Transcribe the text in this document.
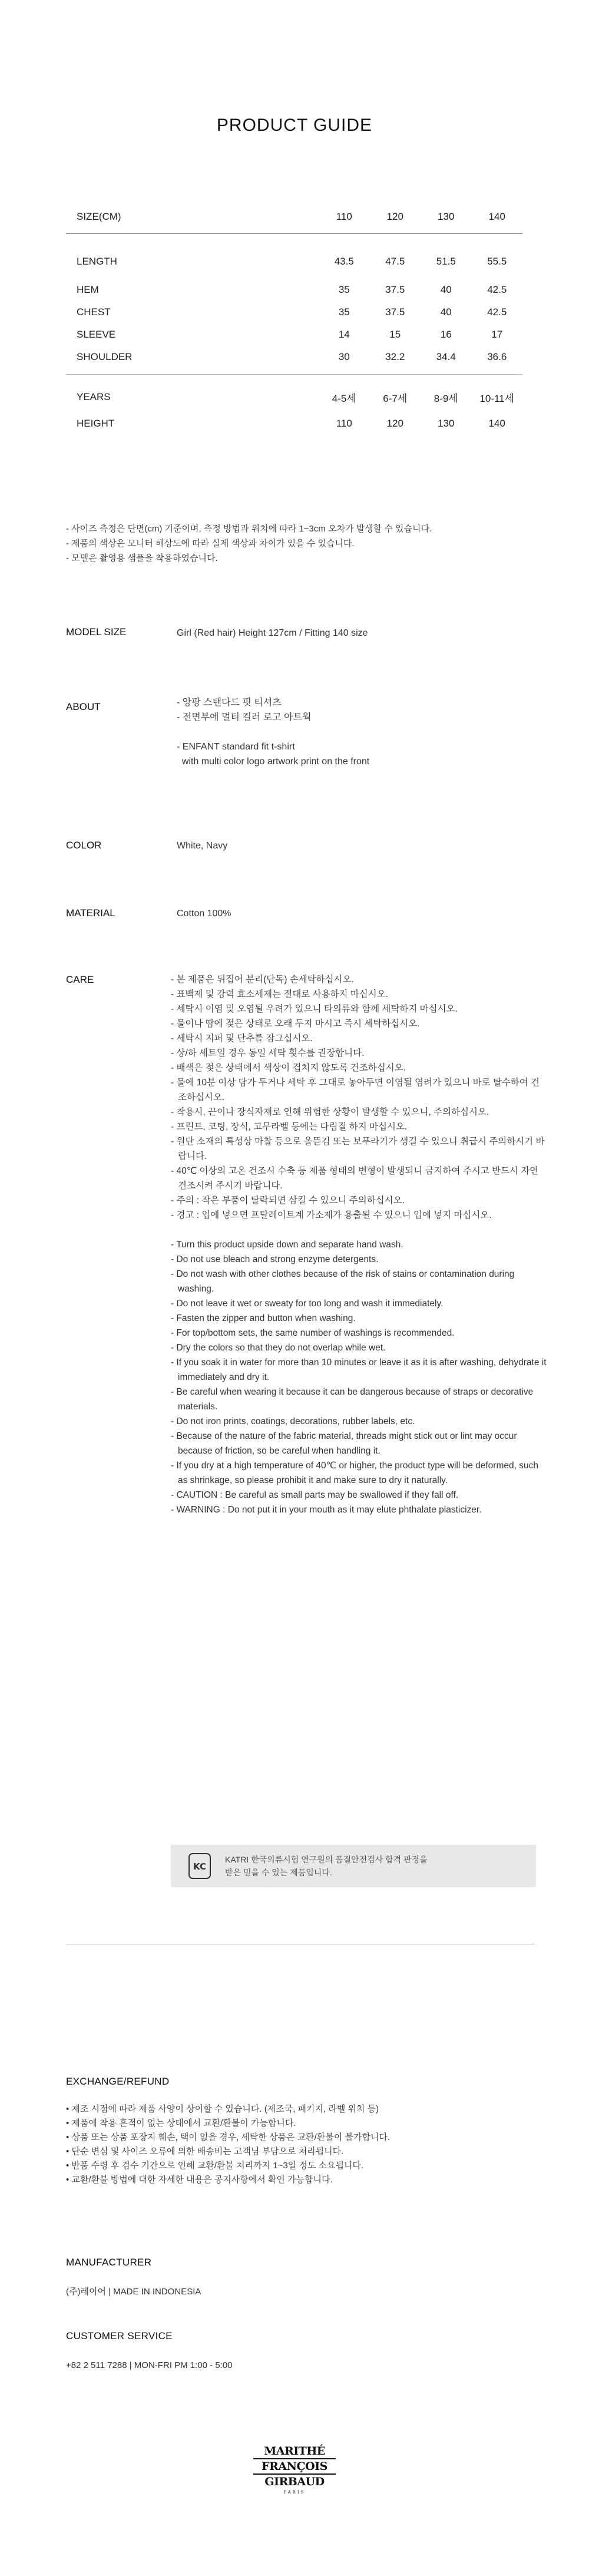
PRODUCT GUIDE
SIZE(CM)	110	120	130	140
LENGTH	43.5	47.5	51.5	55.5
HEM	35	37.5	40	42.5
CHEST	35	37.5	40	42.5
SLEEVE	14	15	16	17
SHOULDER	30	32.2	34.4	36.6
YEARS	4-5세	6-7세	8-9세	10-11세
HEIGHT	110	120	130	140
- 사이즈 측정은 단면(cm) 기준이며, 측정 방법과 위치에 따라 1~3cm 오차가 발생할 수 있습니다.
- 제품의 색상은 모니터 해상도에 따라 실제 색상과 차이가 있을 수 있습니다.
- 모델은 촬영용 샘플을 착용하였습니다.
MODEL SIZE	Girl (Red hair) Height 127cm / Fitting 140 size
ABOUT	- 앙팡 스탠다드 핏 티셔츠
- 전면부에 멀티 컬러 로고 아트웍
- ENFANT standard fit t-shirt
with multi color logo artwork print on the front
COLOR	White, Navy
MATERIAL	Cotton 100%
CARE	- 본 제품은 뒤집어 분리(단독) 손세탁하십시오.
- 표백제 및 강력 효소세제는 절대로 사용하지 마십시오.
- 세탁시 이염 및 오염될 우려가 있으니 타의류와 함께 세탁하지 마십시오.
- 물이나 땀에 젖은 상태로 오래 두지 마시고 즉시 세탁하십시오.
- 세탁시 지퍼 및 단추를 잠그십시오.
- 상/하 세트일 경우 동일 세탁 횟수를 권장합니다.
- 배색은 젖은 상태에서 색상이 겹치지 않도록 건조하십시오.
- 물에 10분 이상 담가 두거나 세탁 후 그대로 놓아두면 이염될 염려가 있으니 바로 탈수하여 건조하십시오.
- 착용시, 끈이나 장식자재로 인해 위험한 상황이 발생할 수 있으니, 주의하십시오.
- 프린트, 코팅, 장식, 고무라벨 등에는 다림질 하지 마십시오.
- 원단 소재의 특성상 마찰 등으로 올뜯김 또는 보푸라기가 생길 수 있으니 취급시 주의하시기 바랍니다.
- 40℃ 이상의 고온 건조시 수축 등 제품 형태의 변형이 발생되니 금지하여 주시고 반드시 자연 건조시켜 주시기 바랍니다.
- 주의 : 작은 부품이 탈락되면 삼킬 수 있으니 주의하십시오.
- 경고 : 입에 넣으면 프탈레이트계 가소제가 용출될 수 있으니 입에 넣지 마십시오.
- Turn this product upside down and separate hand wash.
- Do not use bleach and strong enzyme detergents.
- Do not wash with other clothes because of the risk of stains or contamination during washing.
- Do not leave it wet or sweaty for too long and wash it immediately.
- Fasten the zipper and button when washing.
- For top/bottom sets, the same number of washings is recommended.
- Dry the colors so that they do not overlap while wet.
- If you soak it in water for more than 10 minutes or leave it as it is after washing, dehydrate it immediately and dry it.
- Be careful when wearing it because it can be dangerous because of straps or decorative materials.
- Do not iron prints, coatings, decorations, rubber labels, etc.
- Because of the nature of the fabric material, threads might stick out or lint may occur because of friction, so be careful when handling it.
- If you dry at a high temperature of 40℃ or higher, the product type will be deformed, such as shrinkage, so please prohibit it and make sure to dry it naturally.
- CAUTION : Be careful as small parts may be swallowed if they fall off.
- WARNING : Do not put it in your mouth as it may elute phthalate plasticizer.
KC
KATRI 한국의류시험 연구원의 품질안전검사 합격 판정을
받은 믿을 수 있는 제품입니다.
EXCHANGE/REFUND
• 제조 시점에 따라 제품 사양이 상이할 수 있습니다. (제조국, 패키지, 라벨 위치 등)
• 제품에 착용 흔적이 없는 상태에서 교환/환불이 가능합니다.
• 상품 또는 상품 포장지 훼손, 택이 없을 경우, 세탁한 상품은 교환/환불이 불가합니다.
• 단순 변심 및 사이즈 오류에 의한 배송비는 고객님 부담으로 처리됩니다.
• 반품 수령 후 검수 기간으로 인해 교환/환불 처리까지 1~3일 정도 소요됩니다.
• 교환/환불 방법에 대한 자세한 내용은 공지사항에서 확인 가능합니다.
MANUFACTURER
(주)레이어 | MADE IN INDONESIA
CUSTOMER SERVICE
+82 2 511 7288 | MON-FRI PM 1:00 - 5:00
MARITHÉ
FRANÇOIS
GIRBAUD
PARIS
